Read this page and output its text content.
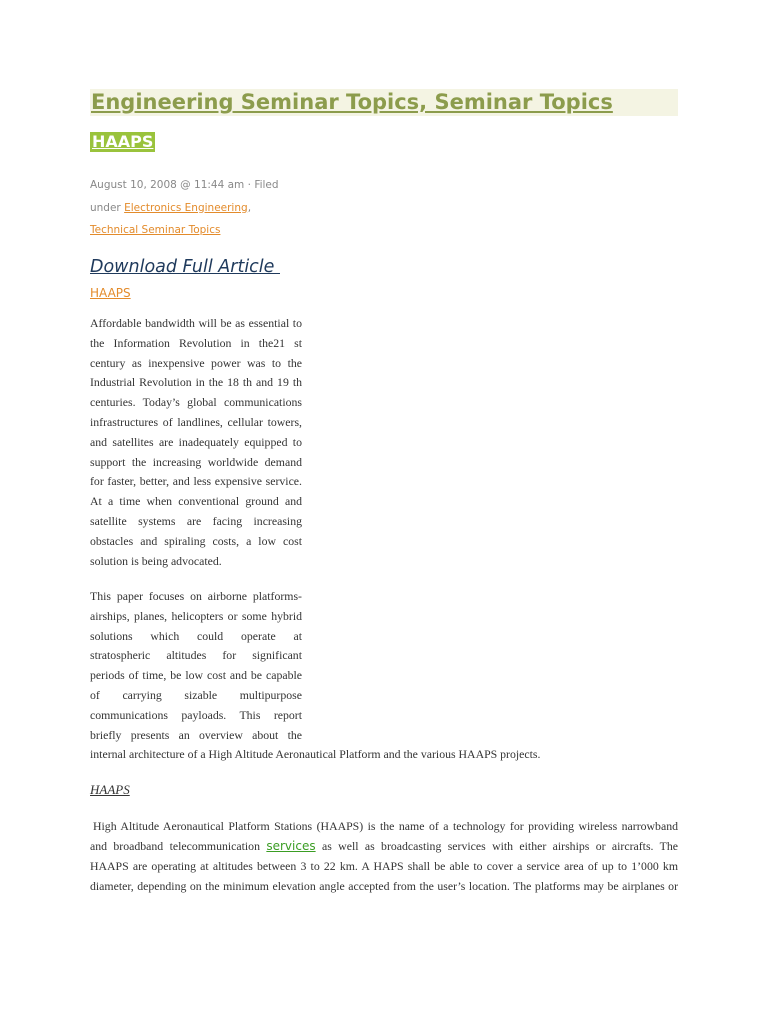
Engineering Seminar Topics, Seminar Topics
HAAPS
August 10, 2008 @ 11:44 am · Filed
under Electronics Engineering,
Technical Seminar Topics
Download Full Article
HAAPS
Affordable bandwidth will be as essential to
the Information Revolution in the21 st
century as inexpensive power was to the
Industrial Revolution in the 18 th and 19 th
centuries. Today’s global communications
infrastructures of landlines, cellular towers,
and satellites are inadequately equipped to
support the increasing worldwide demand
for faster, better, and less expensive service.
At a time when conventional ground and
satellite systems are facing increasing
obstacles and spiraling costs, a low cost
solution is being advocated.
This paper focuses on airborne platforms-
airships, planes, helicopters or some hybrid
solutions which could operate at
stratospheric altitudes for significant
periods of time, be low cost and be capable
of carrying sizable multipurpose
communications payloads. This report
briefly presents an overview about the
internal architecture of a High Altitude Aeronautical Platform and the various HAAPS projects.
HAAPS
High Altitude Aeronautical Platform Stations (HAAPS) is the name of a technology for providing wireless narrowband
and broadband telecommunication services as well as broadcasting services with either airships or aircrafts. The
HAAPS are operating at altitudes between 3 to 22 km. A HAPS shall be able to cover a service area of up to 1’000 km
diameter, depending on the minimum elevation angle accepted from the user’s location. The platforms may be airplanes or
